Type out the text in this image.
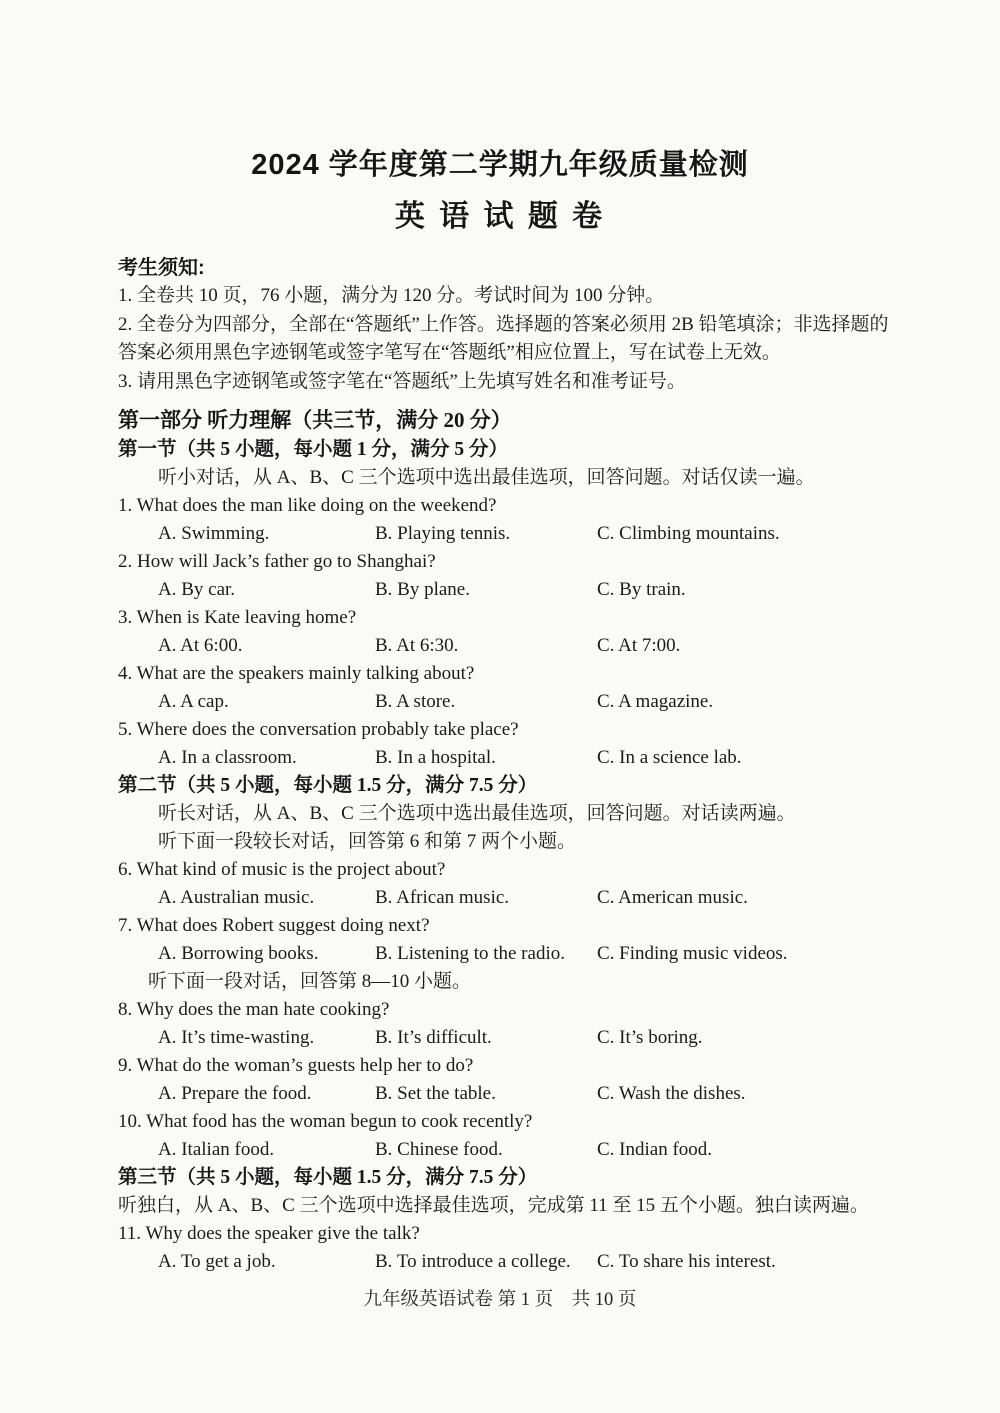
2024 学年度第二学期九年级质量检测
英 语 试 题 卷
考生须知:
1. 全卷共 10 页，76 小题，满分为 120 分。考试时间为 100 分钟。
2. 全卷分为四部分，全部在“答题纸”上作答。选择题的答案必须用 2B 铅笔填涂；非选择题的答案必须用黑色字迹钢笔或签字笔写在“答题纸”相应位置上，写在试卷上无效。
3. 请用黑色字迹钢笔或签字笔在“答题纸”上先填写姓名和准考证号。
第一部分 听力理解（共三节，满分 20 分）
第一节（共 5 小题，每小题 1 分，满分 5 分）
听小对话，从 A、B、C 三个选项中选出最佳选项，回答问题。对话仅读一遍。
1. What does the man like doing on the weekend?
A. Swimming.	B. Playing tennis.	C. Climbing mountains.
2. How will Jack’s father go to Shanghai?
A. By car.	B. By plane.	C. By train.
3. When is Kate leaving home?
A. At 6:00.	B. At 6:30.	C. At 7:00.
4. What are the speakers mainly talking about?
A. A cap.	B. A store.	C. A magazine.
5. Where does the conversation probably take place?
A. In a classroom.	B. In a hospital.	C. In a science lab.
第二节（共 5 小题，每小题 1.5 分，满分 7.5 分）
听长对话，从 A、B、C 三个选项中选出最佳选项，回答问题。对话读两遍。
听下面一段较长对话，回答第 6 和第 7 两个小题。
6. What kind of music is the project about?
A. Australian music.	B. African music.	C. American music.
7. What does Robert suggest doing next?
A. Borrowing books.	B. Listening to the radio. C. Finding music videos.
听下面一段对话，回答第 8—10 小题。
8. Why does the man hate cooking?
A. It’s time-wasting.	B. It’s difficult.	C. It’s boring.
9. What do the woman’s guests help her to do?
A. Prepare the food.	B. Set the table.	C. Wash the dishes.
10. What food has the woman begun to cook recently?
A. Italian food.	B. Chinese food.	C. Indian food.
第三节（共 5 小题，每小题 1.5 分，满分 7.5 分）
听独白，从 A、B、C 三个选项中选择最佳选项，完成第 11 至 15 五个小题。独白读两遍。
11. Why does the speaker give the talk?
A. To get a job.	B. To introduce a college. C. To share his interest.
九年级英语试卷 第 1 页　共 10 页
